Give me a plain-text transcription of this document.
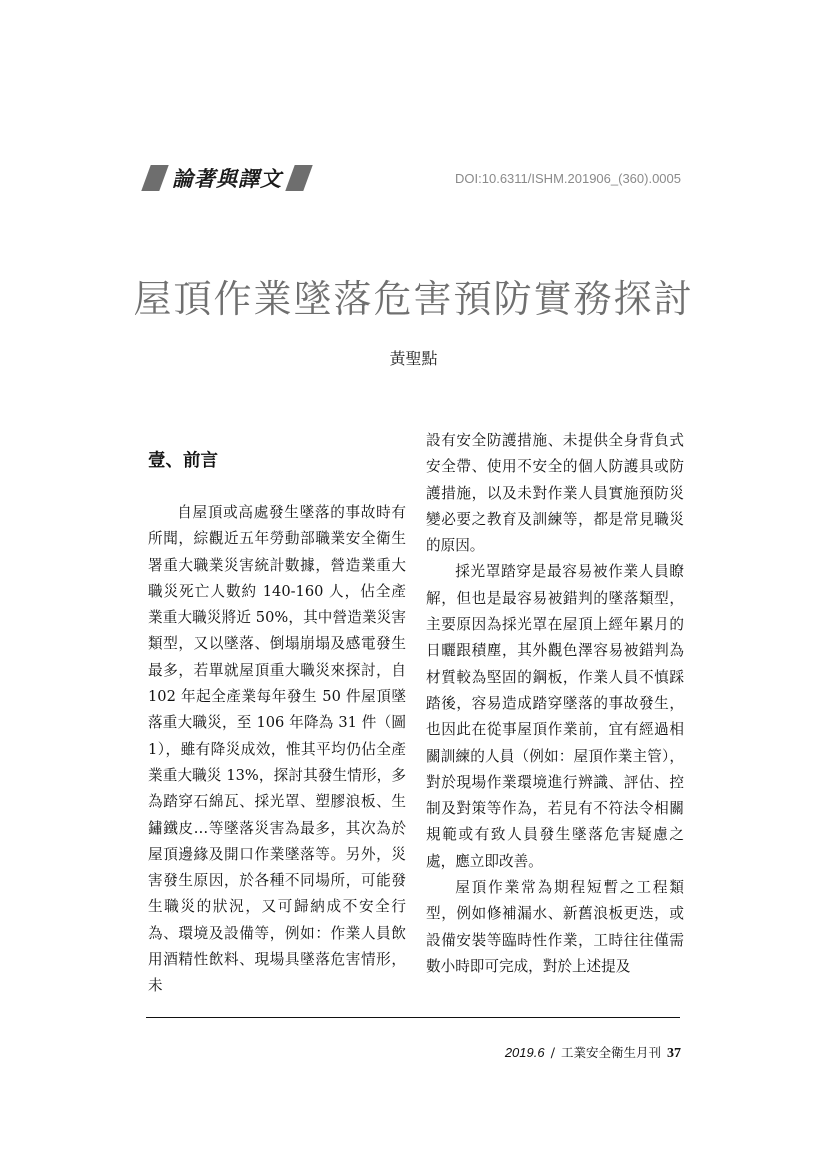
論著與譯文	DOI:10.6311/ISHM.201906_(360).0005
屋頂作業墜落危害預防實務探討
黃聖點
壹、前言

自屋頂或高處發生墜落的事故時有所聞，綜觀近五年勞動部職業安全衛生署重大職業災害統計數據，營造業重大職災死亡人數約 140-160 人，佔全產業重大職災將近 50%，其中營造業災害類型，又以墜落、倒塌崩塌及感電發生最多，若單就屋頂重大職災來探討，自 102 年起全產業每年發生 50 件屋頂墜落重大職災，至 106 年降為 31 件（圖 1），雖有降災成效，惟其平均仍佔全產業重大職災 13%，探討其發生情形，多為踏穿石綿瓦、採光罩、塑膠浪板、生鏽鐵皮…等墜落災害為最多，其次為於屋頂邊緣及開口作業墜落等。另外，災害發生原因，於各種不同場所，可能發生職災的狀況，又可歸納成不安全行為、環境及設備等，例如：作業人員飲用酒精性飲料、現場具墜落危害情形，未

設有安全防護措施、未提供全身背負式安全帶、使用不安全的個人防護具或防護措施，以及未對作業人員實施預防災變必要之教育及訓練等，都是常見職災的原因。

採光罩踏穿是最容易被作業人員瞭解，但也是最容易被錯判的墜落類型，主要原因為採光罩在屋頂上經年累月的日曬跟積塵，其外觀色澤容易被錯判為材質較為堅固的鋼板，作業人員不慎踩踏後，容易造成踏穿墜落的事故發生，也因此在從事屋頂作業前，宜有經過相關訓練的人員（例如：屋頂作業主管），對於現場作業環境進行辨識、評估、控制及對策等作為，若見有不符法令相關規範或有致人員發生墜落危害疑慮之處，應立即改善。

屋頂作業常為期程短暫之工程類型，例如修補漏水、新舊浪板更迭，或設備安裝等臨時性作業，工時往往僅需數小時即可完成，對於上述提及

2019.6 / 工業安全衛生月刊 37
